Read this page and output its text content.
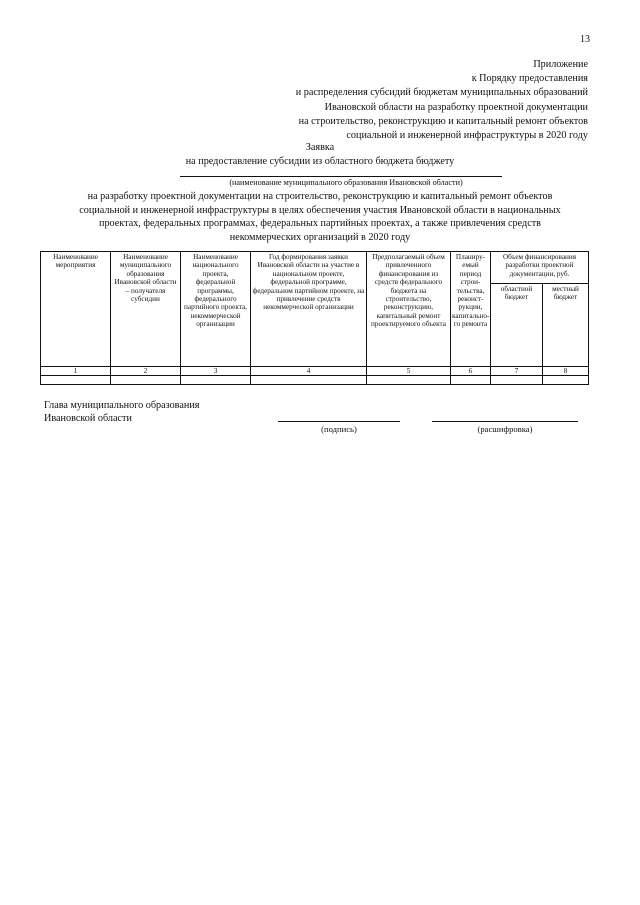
13
Приложение
к Порядку предоставления
и распределения субсидий бюджетам муниципальных образований
Ивановской области на разработку проектной документации
на строительство, реконструкцию и капитальный ремонт объектов
социальной и инженерной инфраструктуры в 2020 году
Заявка
на предоставление субсидии из областного бюджета бюджету
(наименование муниципального образования Ивановской области)
на разработку проектной документации на строительство, реконструкцию и капитальный ремонт объектов
социальной и инженерной инфраструктуры в целях обеспечения участия Ивановской области в национальных
проектах, федеральных программах, федеральных партийных проектах, а также привлечения средств
некоммерческих организаций в 2020 году
Наименование мероприятия	Наименование муниципального образования Ивановской области – получателя субсидии	Наименование национального проекта, федеральной программы, федерального партийного проекта, некоммерческой организации	Год формирования заявки Ивановской области на участие в национальном проекте, федеральной программе, федеральном партийном проекте, на привлечение средств некоммерческой организации	Предполагаемый объем привлеченного финансирования из средств федерального бюджета на строительство, реконструкцию, капитальный ремонт проектируемого объекта	Планиру-емый период строи-тельства, реконст-рукции, капитально-го ремонта	Объем финансирования разработки проектной документации, руб.	
						областной бюджет	местный бюджет
1	2	3	4	5	6	7	8

Глава муниципального образования
Ивановской области
(подпись)	(расшифровка)
